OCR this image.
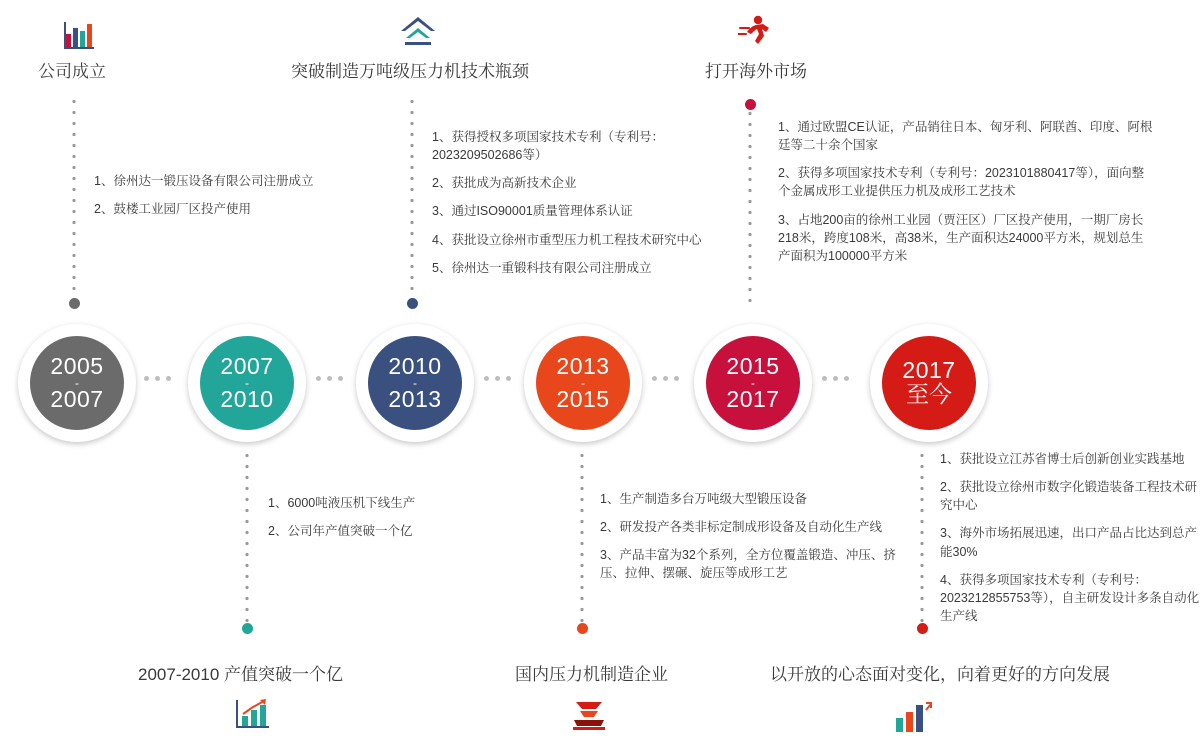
公司成立

1、徐州达一锻压设备有限公司注册成立

2、鼓楼工业园厂区投产使用

突破制造万吨级压力机技术瓶颈

1、获得授权多项国家技术专利（专利号：2023209502686等）

2、获批成为高新技术企业

3、通过ISO90001质量管理体系认证

4、获批设立徐州市重型压力机工程技术研究中心

5、徐州达一重锻科技有限公司注册成立

打开海外市场

1、通过欧盟CE认证，产品销往日本、匈牙利、阿联酋、印度、阿根廷等二十余个国家

2、获得多项国家技术专利（专利号：2023101880417等），面向整个金属成形工业提供压力机及成形工艺技术

3、占地200亩的徐州工业园（贾汪区）厂区投产使用，一期厂房长218米，跨度108米，高38米，生产面积达24000平方米，规划总生产面积为100000平方米

2005
-
2007
2007
-
2010
2010
-
2013
2013
-
2015
2015
-
2017
2017
至今

1、6000吨液压机下线生产

2、公司年产值突破一个亿

2007-2010 产值突破一个亿

1、生产制造多台万吨级大型锻压设备

2、研发投产各类非标定制成形设备及自动化生产线

3、产品丰富为32个系列，全方位覆盖锻造、冲压、挤压、拉伸、摆碾、旋压等成形工艺

国内压力机制造企业

1、获批设立江苏省博士后创新创业实践基地

2、获批设立徐州市数字化锻造装备工程技术研究中心

3、海外市场拓展迅速，出口产品占比达到总产能30%

4、获得多项国家技术专利（专利号：2023212855753等），自主研发设计多条自动化生产线

以开放的心态面对变化，向着更好的方向发展
